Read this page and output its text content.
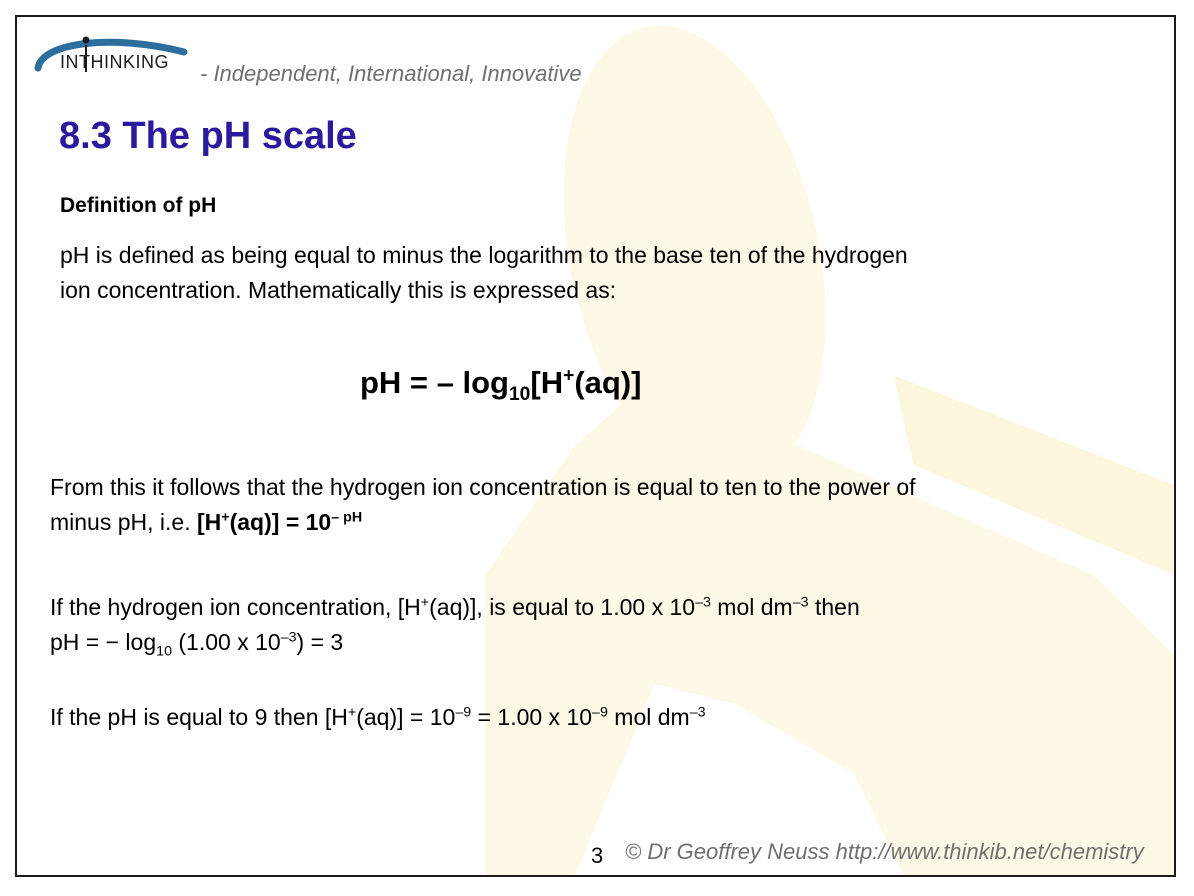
INTHINKING - Independent, International, Innovative
8.3 The pH scale
Definition of pH

pH is defined as being equal to minus the logarithm to the base ten of the hydrogen

ion concentration. Mathematically this is expressed as:

pH = – $\log_{10}[H^+(aq)]$

From this it follows that the hydrogen ion concentration is equal to ten to the power of

minus pH, i.e. $[H^+(aq)] = 10^{- pH}$

If the hydrogen ion concentration, [H+(aq)], is equal to 1.00 x $10^{-3}$ mol $dm^{-3}$ then

pH = − $\log_{10} (1.00$ x $10^{-3}) = 3$

If the pH is equal to 9 then $[H^+(aq)] = 10^{-9} = 1.00$ x $10^{-9}$ mol $dm^{-3}$

3 © Dr Geoffrey Neuss http://www.thinkib.net/chemistry
